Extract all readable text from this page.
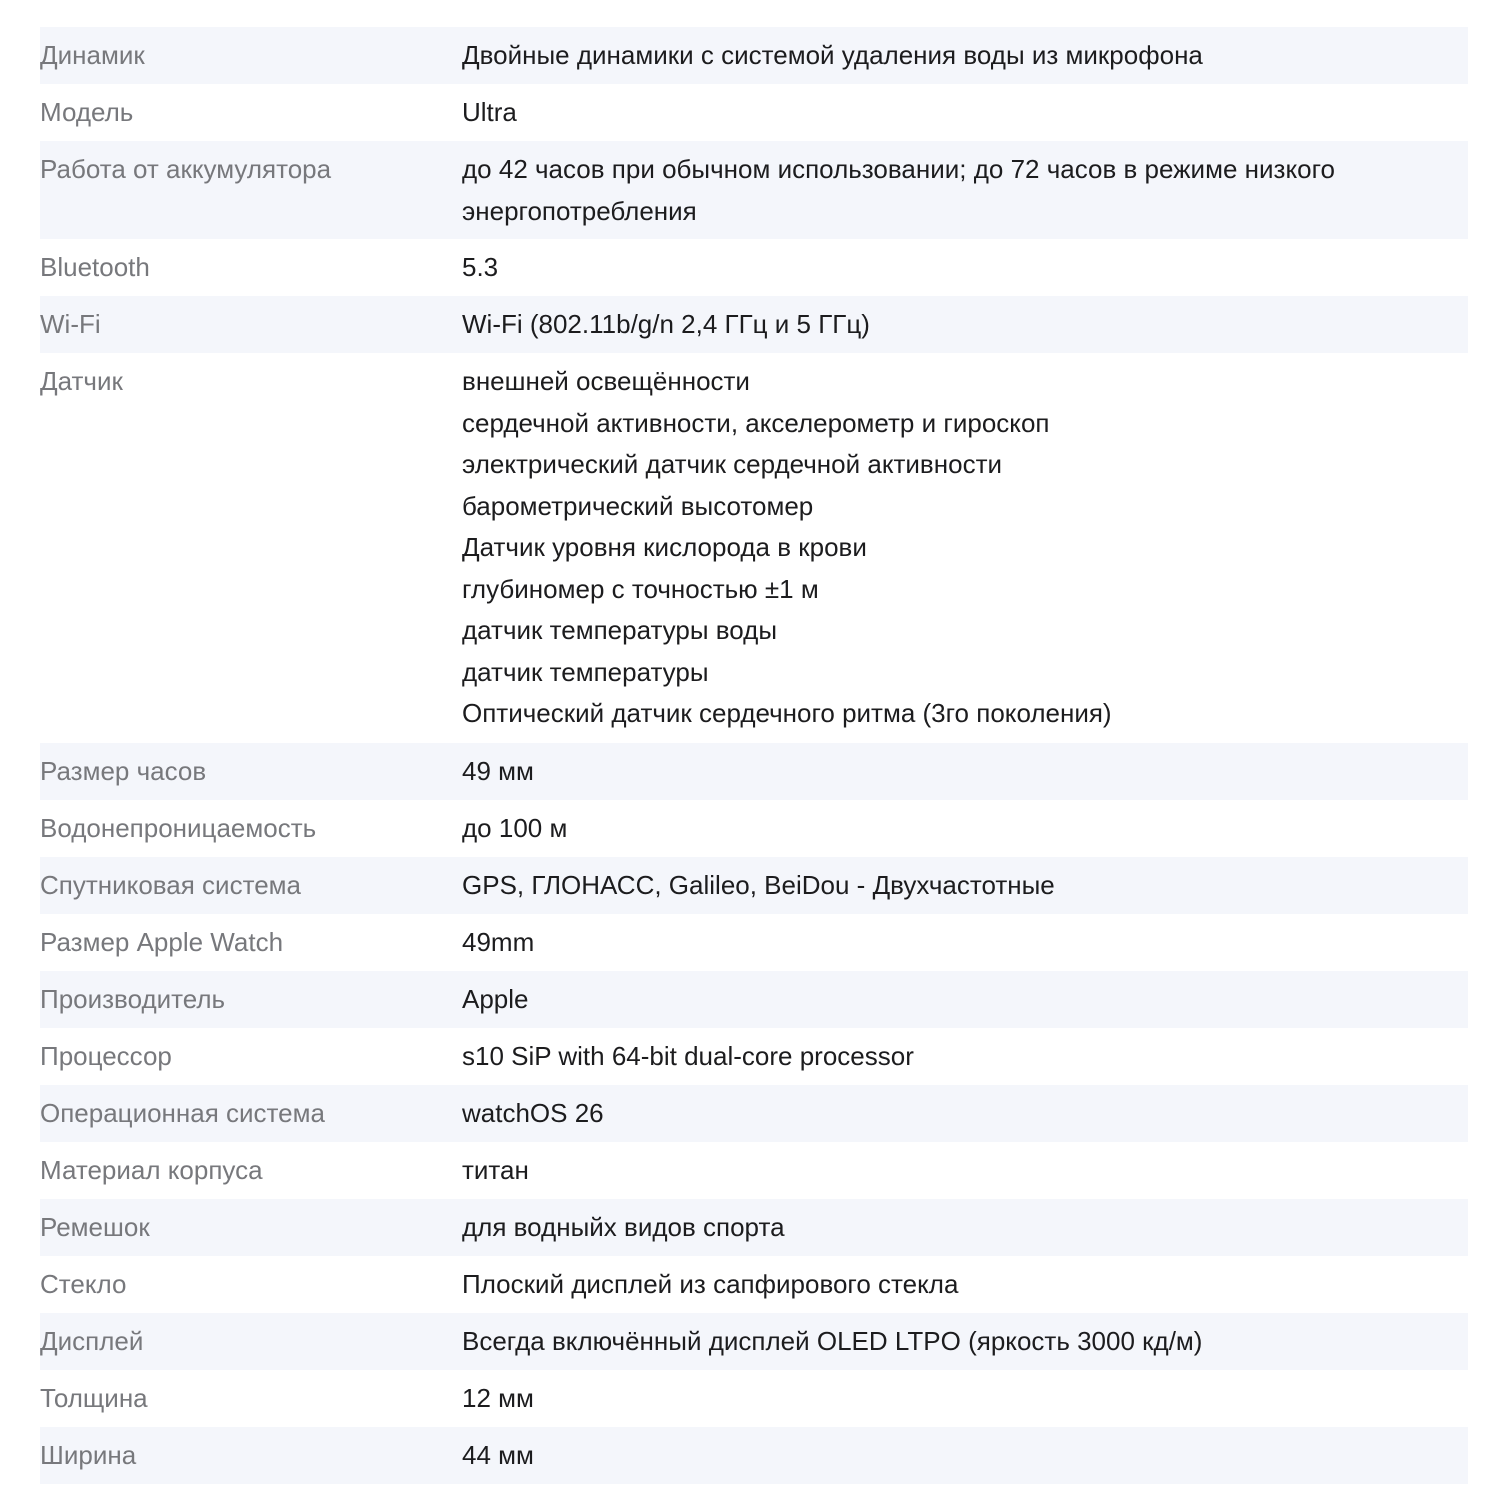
Динамик	Двойные динамики с системой удаления воды из микрофона
Модель	Ultra
Работа от аккумулятора	до 42 часов при обычном использовании; до 72 часов в режиме низкого
энергопотребления
Bluetooth	5.3
Wi-Fi	Wi-Fi (802.11b/g/n 2,4 ГГц и 5 ГГц)
Датчик	внешней освещённости
сердечной активности, акселерометр и гироскоп
электрический датчик сердечной активности
барометрический высотомер
Датчик уровня кислорода в крови
глубиномер с точностью ±1 м
датчик температуры воды
датчик температуры
Оптический датчик сердечного ритма (3го поколения)
Размер часов	49 мм
Водонепроницаемость	до 100 м
Спутниковая система	GPS, ГЛОНАСС, Galileo, BeiDou - Двухчастотные
Размер Apple Watch	49mm
Производитель	Apple
Процессор	s10 SiP with 64-bit dual-core processor
Операционная система	watchOS 26
Материал корпуса	титан
Ремешок	для водныйх видов спорта
Стекло	Плоский дисплей из сапфирового стекла
Дисплей	Всегда включённый дисплей OLED LTPO (яркость 3000 кд/м)
Толщина	12 мм
Ширина	44 мм
